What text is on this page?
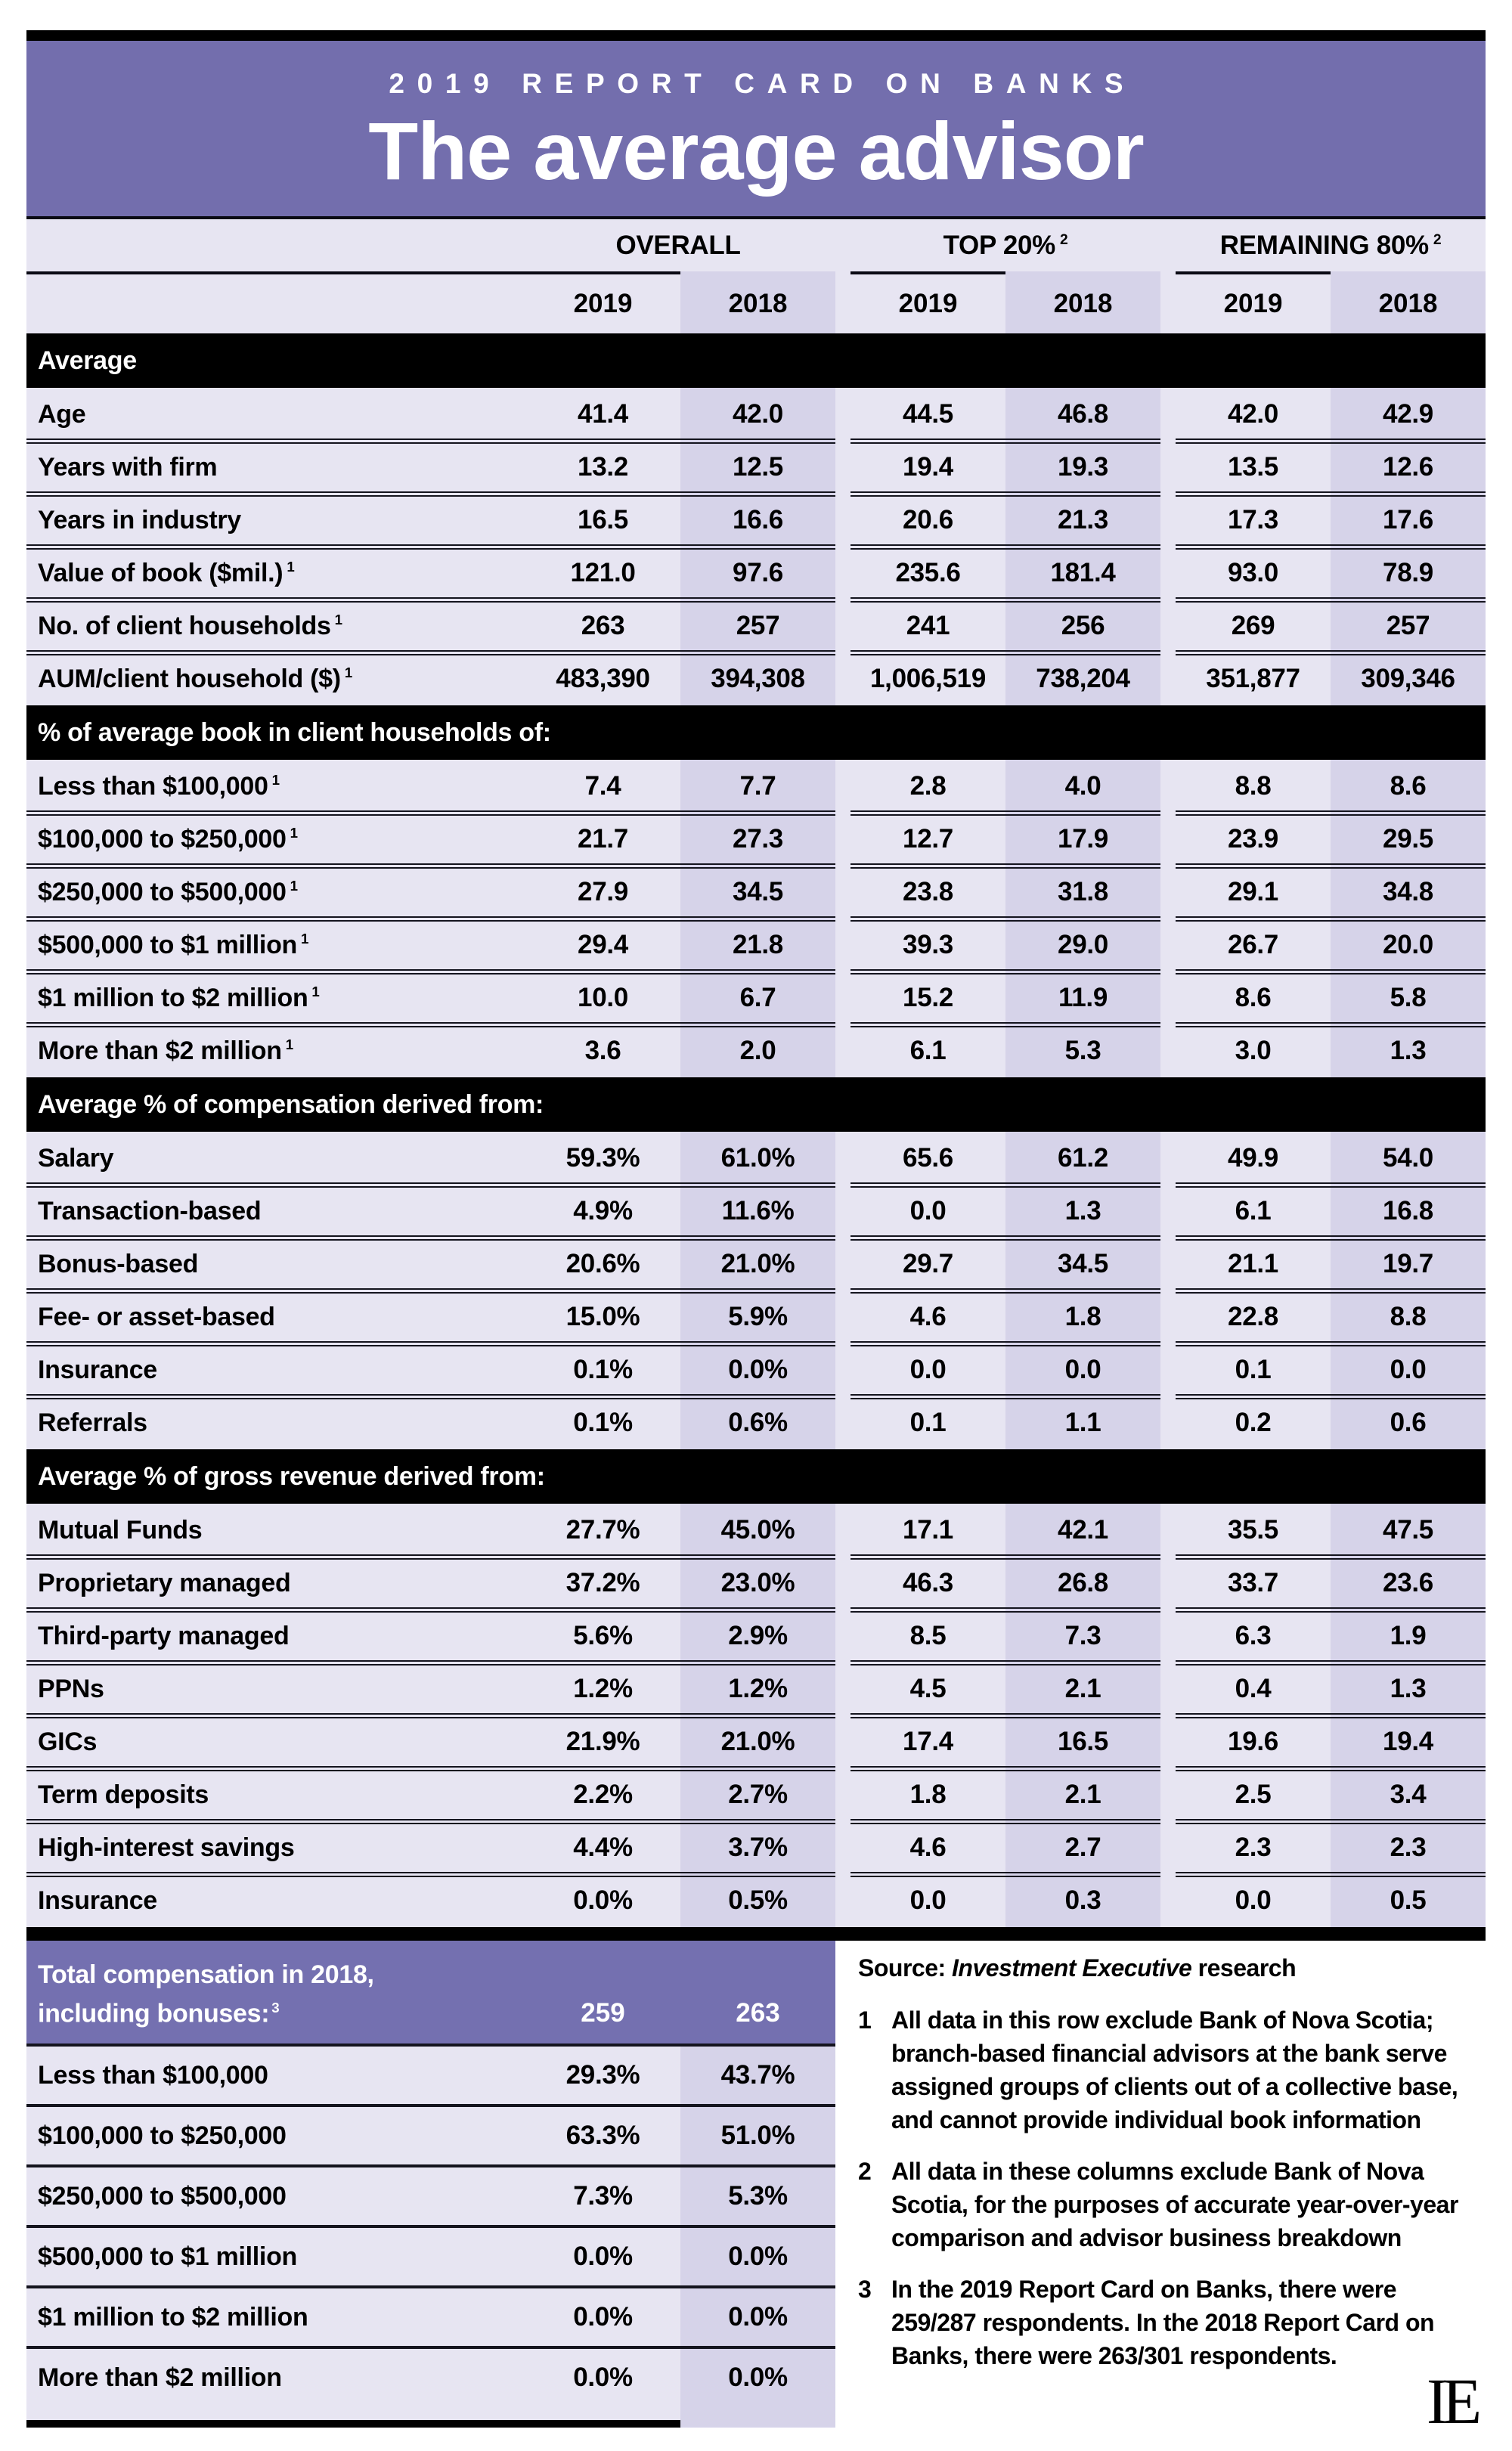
2019 REPORT CARD ON BANKS
The average advisor
OVERALL	TOP 20% $^2$	REMAINING 80% $^2$
2019	2018	2019	2018	2019	2018
Average
Age	41.4	42.0	44.5	46.8	42.0	42.9
Years with firm	13.2	12.5	19.4	19.3	13.5	12.6
Years in industry	16.5	16.6	20.6	21.3	17.3	17.6
Value of book ($mil.) $^1$	121.0	97.6	235.6	181.4	93.0	78.9
No. of client households $^1$	263	257	241	256	269	257
AUM/client household ($) $^1$	483,390	394,308	1,006,519	738,204	351,877	309,346
% of average book in client households of:
Less than $100,000 $^1$	7.4	7.7	2.8	4.0	8.8	8.6
$100,000 to $250,000 $^1$	21.7	27.3	12.7	17.9	23.9	29.5
$250,000 to $500,000 $^1$	27.9	34.5	23.8	31.8	29.1	34.8
$500,000 to $1 million $^1$	29.4	21.8	39.3	29.0	26.7	20.0
$1 million to $2 million $^1$	10.0	6.7	15.2	11.9	8.6	5.8
More than $2 million $^1$	3.6	2.0	6.1	5.3	3.0	1.3
Average % of compensation derived from:
Salary	59.3%	61.0%	65.6	61.2	49.9	54.0
Transaction-based	4.9%	11.6%	0.0	1.3	6.1	16.8
Bonus-based	20.6%	21.0%	29.7	34.5	21.1	19.7
Fee- or asset-based	15.0%	5.9%	4.6	1.8	22.8	8.8
Insurance	0.1%	0.0%	0.0	0.0	0.1	0.0
Referrals	0.1%	0.6%	0.1	1.1	0.2	0.6
Average % of gross revenue derived from:
Mutual Funds	27.7%	45.0%	17.1	42.1	35.5	47.5
Proprietary managed	37.2%	23.0%	46.3	26.8	33.7	23.6
Third-party managed	5.6%	2.9%	8.5	7.3	6.3	1.9
PPNs	1.2%	1.2%	4.5	2.1	0.4	1.3
GICs	21.9%	21.0%	17.4	16.5	19.6	19.4
Term deposits	2.2%	2.7%	1.8	2.1	2.5	3.4
High-interest savings	4.4%	3.7%	4.6	2.7	2.3	2.3
Insurance	0.0%	0.5%	0.0	0.3	0.0	0.5
Total compensation in 2018,
including bonuses: $^3$	259	263
Less than $100,000	29.3%	43.7%
$100,000 to $250,000	63.3%	51.0%
$250,000 to $500,000	7.3%	5.3%
$500,000 to $1 million	0.0%	0.0%
$1 million to $2 million	0.0%	0.0%
More than $2 million	0.0%	0.0%

Source: Investment Executive research

1 All data in this row exclude Bank of Nova Scotia; branch-based financial advisors at the bank serve assigned groups of clients out of a collective base, and cannot provide individual book information
2 All data in these columns exclude Bank of Nova Scotia, for the purposes of accurate year-over-year comparison and advisor business breakdown
3 In the 2019 Report Card on Banks, there were 259/287 respondents. In the 2018 Report Card on Banks, there were 263/301 respondents.
IE
